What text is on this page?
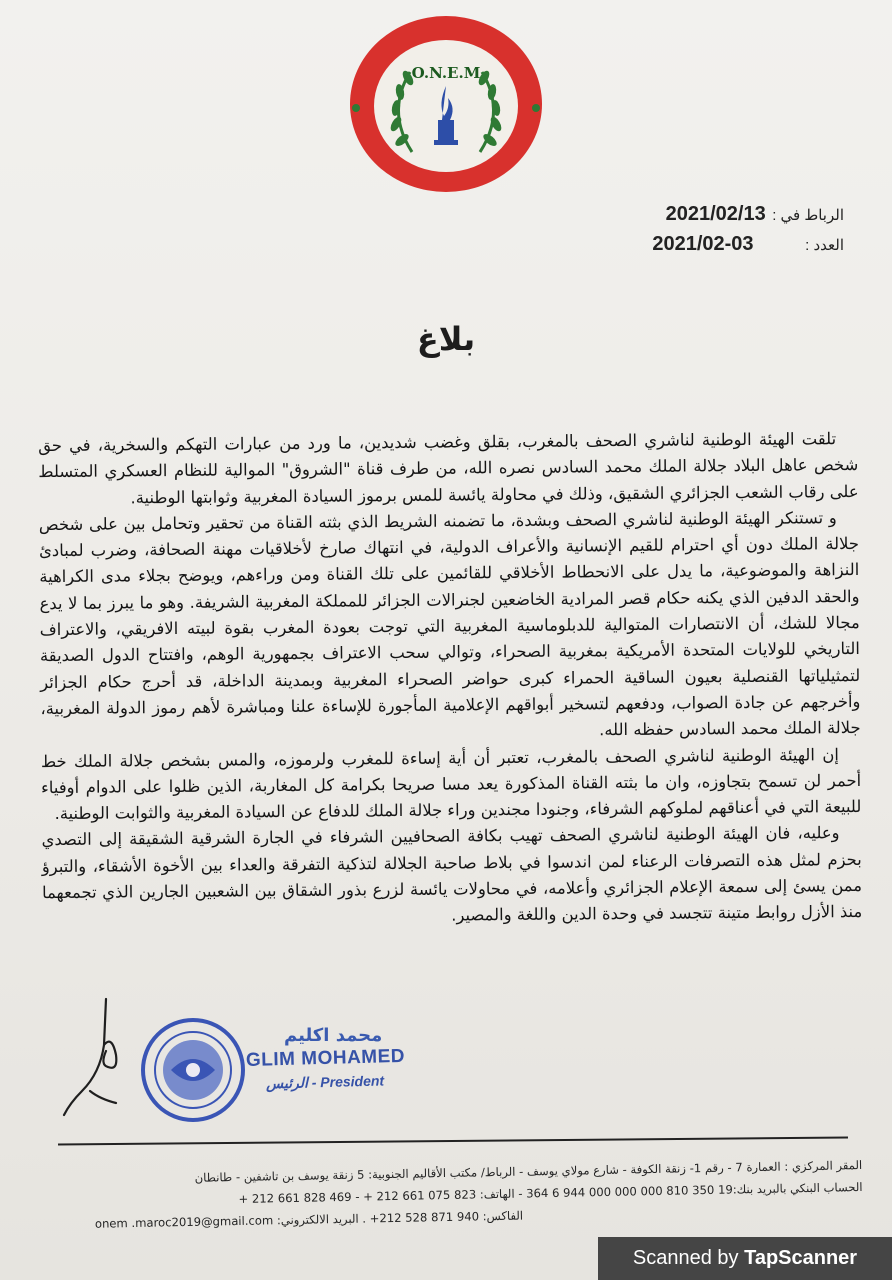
O.N.E.M
الرباط في : 2021/02/13
العدد : 2021/02-03
بلاغ

تلقت الهيئة الوطنية لناشري الصحف بالمغرب، بقلق وغضب شديدين، ما ورد من عبارات التهكم والسخرية، في حق شخص عاهل البلاد جلالة الملك محمد السادس نصره الله، من طرف قناة "الشروق" الموالية للنظام العسكري المتسلط على رقاب الشعب الجزائري الشقيق، وذلك في محاولة يائسة للمس برموز السيادة المغربية وثوابتها الوطنية.

و تستنكر الهيئة الوطنية لناشري الصحف وبشدة، ما تضمنه الشريط الذي بثته القناة من تحقير وتحامل بين على شخص جلالة الملك دون أي احترام للقيم الإنسانية والأعراف الدولية، في انتهاك صارخ لأخلاقيات مهنة الصحافة، وضرب لمبادئ النزاهة والموضوعية، ما يدل على الانحطاط الأخلاقي للقائمين على تلك القناة ومن وراءهم، ويوضح بجلاء مدى الكراهية والحقد الدفين الذي يكنه حكام قصر المرادية الخاضعين لجنرالات الجزائر للمملكة المغربية الشريفة. وهو ما يبرز بما لا يدع مجالا للشك، أن الانتصارات المتوالية للدبلوماسية المغربية التي توجت بعودة المغرب بقوة لبيته الافريقي، والاعتراف التاريخي للولايات المتحدة الأمريكية بمغربية الصحراء، وتوالي سحب الاعتراف بجمهورية الوهم، وافتتاح الدول الصديقة لتمثيلياتها القنصلية بعيون الساقية الحمراء كبرى حواضر الصحراء المغربية وبمدينة الداخلة، قد أحرج حكام الجزائر وأخرجهم عن جادة الصواب، ودفعهم لتسخير أبواقهم الإعلامية المأجورة للإساءة علنا ومباشرة لأهم رموز الدولة المغربية، جلالة الملك محمد السادس حفظه الله.

إن الهيئة الوطنية لناشري الصحف بالمغرب، تعتبر أن أية إساءة للمغرب ولرموزه، والمس بشخص جلالة الملك خط أحمر لن تسمح بتجاوزه، وان ما بثته القناة المذكورة يعد مسا صريحا بكرامة كل المغاربة، الذين ظلوا على الدوام أوفياء للبيعة التي في أعناقهم لملوكهم الشرفاء، وجنودا مجندين وراء جلالة الملك للدفاع عن السيادة المغربية والثوابت الوطنية.

وعليه، فان الهيئة الوطنية لناشري الصحف تهيب بكافة الصحافيين الشرفاء في الجارة الشرقية الشقيقة إلى التصدي بحزم لمثل هذه التصرفات الرعناء لمن اندسوا في بلاط صاحبة الجلالة لتذكية التفرقة والعداء بين الأخوة الأشقاء، والتبرؤ ممن يسئ إلى سمعة الإعلام الجزائري وأعلامه، في محاولات يائسة لزرع بذور الشقاق بين الشعبين الجارين الذي تجمعهما منذ الأزل روابط متينة تتجسد في وحدة الدين واللغة والمصير.

محمد اكليم
GLIM MOHAMED
الرئيس - President
المقر المركزي : العمارة 7 - رقم 1- زنقة الكوفة - شارع مولاي يوسف - الرباط/ مكتب الأقاليم الجنوبية: 5 زنقة يوسف بن تاشفين - طانطان
الحساب البنكي بالبريد بنك:19 350 810 000 000 000 944 6 364 - الهاتف: 823 075 661 212 + - 469 828 661 212 +
الفاكس: 940 871 528 212+ . البريد الالكتروني: onem .maroc2019@gmail.com
Scanned by TapScanner
